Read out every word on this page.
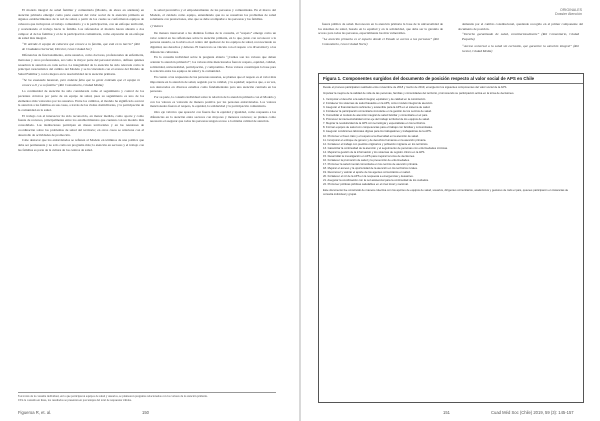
El modelo integral de salud familiar y comunitaria (Modelo, de ahora en adelante) en atención primaria emergió como parte esencial del valor social de la atención primaria en algunos establecimientos de la red de salud, a partir de los cuales se conformaron equipos de cabecera que incluyeron al trabajo comunitario y a la participación, con un enfoque territorial, y reorientando el trabajo hacia la familia. Las referencias al modelo hacen alusión a dos campos: el de las familias y el de la participación comunitaria, como expresión de un enfoque de salud más integral.

“Te atiende el equipo de cabecera que conoce a tu familia, que está en tu barrio” (Rol de Ciudadano Sectorial, Director, Gran Ciudad Sur)

Diferencias de funcionamiento, entre usuarios, como doctores, profesionales de enfermería, matronas y otros profesionales, así como la mayor parte del personal técnico, definen quiénes resuelven la atención en cada sector. La integralidad de la atención ha sido relevada como la principal característica del cambio del Modelo y se ha vinculado con el avance del Modelo de Salud Familiar y con la mejora en la resolutividad de la atención primaria.

“Se ha avanzado bastante, pero todavía falta que la gente entienda que el equipo lo conoce a él y a su familia” (Rol Comunitario, Ciudad Media)

La continuidad de atención ha sido considerada como el seguimiento y control de los pacientes crónicos por parte de un equipo de salud, pues su seguimiento es uno de los elementos más valorados por los usuarios. Entre los cambios, el modelo ha significado acercar la atención a las familias en sus casas, a través de las visitas domiciliarias, y la participación de la comunidad en la salud.

El trabajo con el intersector ha sido reconocido, en menor medida, como aporte y como fuente de recursos, principalmente entre los establecimientos que cuentan con un modelo más consolidado. Las instituciones participan en mesas territoriales y en las reuniones de coordinación sobre los problemas de salud del territorio; en otros casos se relaciona con el desarrollo de actividades de promoción.

Cabe destacar que los entrevistados se refieren al Modelo en términos de una política que debe ser permanente y no sólo como un programa más; la atención en sectores y el trabajo con las familias es parte de la cultura de los centros de salud.

la salud preventiva y el empoderamiento de las personas y comunidades. En el marco del Modelo, el cuidado como equipo, entendiendo que no se resuelven los problemas de salud solamente con prestaciones, sino que se debe acompañar a las personas y las familias.

c) Valores

De manera transversal a las distintas formas de la consulta, el “respeto” emerge como un valor central en las reflexiones sobre la atención primaria, en lo que, junto con reconocer a la persona usuaria, se la ubica en el centro del quehacer de los equipos de salud, reconociendo su dignidad, sus derechos y deberes. El buen trato se vincula con el respeto a la diversidad y a las diferencias culturales.

En la consulta individual sobre la pregunta abierta “¿Cuáles son los valores que deben orientar la atención primaria?”, los valores más mencionados fueron: respeto, equidad, calidad, solidaridad, universalidad, participación, y compromiso. Estos valores constituyen la base para la relación entre los equipos de salud y la comunidad.

En cuanto a las respuestas de las personas usuarias, se plantea que el respeto es el valor más importante en la atención de salud, seguido por la calidad, y la equidad; aspectos que, a su vez, son destacados en diversos estudios como fundamentales para una atención centrada en las personas.

Por su parte, la consulta individual sobre la relación de la atención primaria con el Modelo y con los valores es valorada de manera positiva por las personas entrevistadas. Los valores mencionados fueron el respeto, la equidad, la solidaridad y la participación comunitaria.

Otro eje valórico que apareció con fuerza fue la equidad y igualdad, como respuesta a las diferencias en la atención entre sectores con mayores y menores recursos; se plantea como necesario el asegurar que todas las personas tengan acceso a la misma calidad de atención.

8 A través de la consulta individual, en la que participaron equipos de salud y usuarios, se plantearon preguntas relacionadas con los valores de la atención primaria.
9 En la consulta en línea, los resultados se presentan en porcentajes del total de respuestas válidas.
Figueroa R, et. al.	150
ORIGINALES
Dossier Atención

fuerza pública de salud. Reconocen en la atención primaria la base de la universalidad de los sistemas de salud, basado en la equidad y en la solidaridad, que debe ser la garantía de acceso para todas las personas, especialmente las más vulnerables.

“La atención primaria es el espacio donde el Estado se acerca a las personas” (Rol Comunitario, Gran Ciudad Norte)

demanda por el cambio constitucional, quedando recogido en el primer componente del documento de posición.

“Derecho garantizado de salud, constitucionalmente” (Rol Comunitario, Ciudad Pequeña)

“Acceso universal a la salud sin exclusión, que garantice la atención integral” (Rol Gestor, Ciudad Media)

Figura 1. Componentes surgidos del documento de posición respecto al valor social de APS en Chile

Desde el proceso participativo realizado entre noviembre de 2018 y marzo de 2019, emergieron los siguientes componentes del valor social de la APS.

Impulsar la mejora de la calidad de vida de las personas, familias y comunidades del territorio, promoviendo su participación activa en la toma de decisiones.

1. Incorporar el derecho a la salud integral, equitativo y de calidad en la constitución.

2. Fortalecer los sistemas de salud basados en la APS, como modelo integral de atención.

3. Asegurar el financiamiento suficiente y sostenible para la APS en el sistema de salud.

4. Fortalecer la participación comunitaria vinculante en la gestión de los centros de salud.

5. Consolidar el modelo de atención integral de salud familiar y comunitaria en el país.

6. Promover la intersectorialidad como eje del trabajo territorial de los equipos de salud.

7. Mejorar la resolutividad de la APS con tecnología y especialistas en los territorios.

8. Formar equipos de salud con competencias para el trabajo con familias y comunidades.

9. Asegurar condiciones laborales dignas para los trabajadores y trabajadoras de la APS.

10. Promover el buen trato y el respeto a la diversidad en la atención de salud.

11. Incorporar el enfoque de género y de derechos humanos en la atención primaria.

12. Fortalecer el trabajo con pueblos originarios y población migrante en los territorios.

13. Garantizar la continuidad de la atención y el seguimiento de personas con enfermedades crónicas.

14. Mejorar la gestión de la información y los sistemas de registro clínico en la APS.

15. Desarrollar la investigación en APS para mejorar la toma de decisiones.

16. Fortalecer la promoción de salud y la prevención de enfermedades.

17. Promover la salud mental comunitaria en los centros de atención primaria.

18. Mejorar el acceso y la oportunidad de la atención en los territorios rurales.

19. Reconocer y valorar el aporte de los agentes comunitarios en salud.

20. Fortalecer el rol de la APS en la respuesta a emergencias y desastres.

21. Asegurar la coordinación con la red asistencial para la continuidad de los cuidados.

22. Promover políticas públicas saludables en el nivel local y nacional.

Este documento fue construido de manera colectiva con los aportes de equipos de salud, usuarios, dirigentes comunitarios, académicos y gestores de todo el país, quienes participaron en instancias de consulta individual y grupal.

151	Cuad Méd Soc (Chile) 2019, 59 (3): 145-157
